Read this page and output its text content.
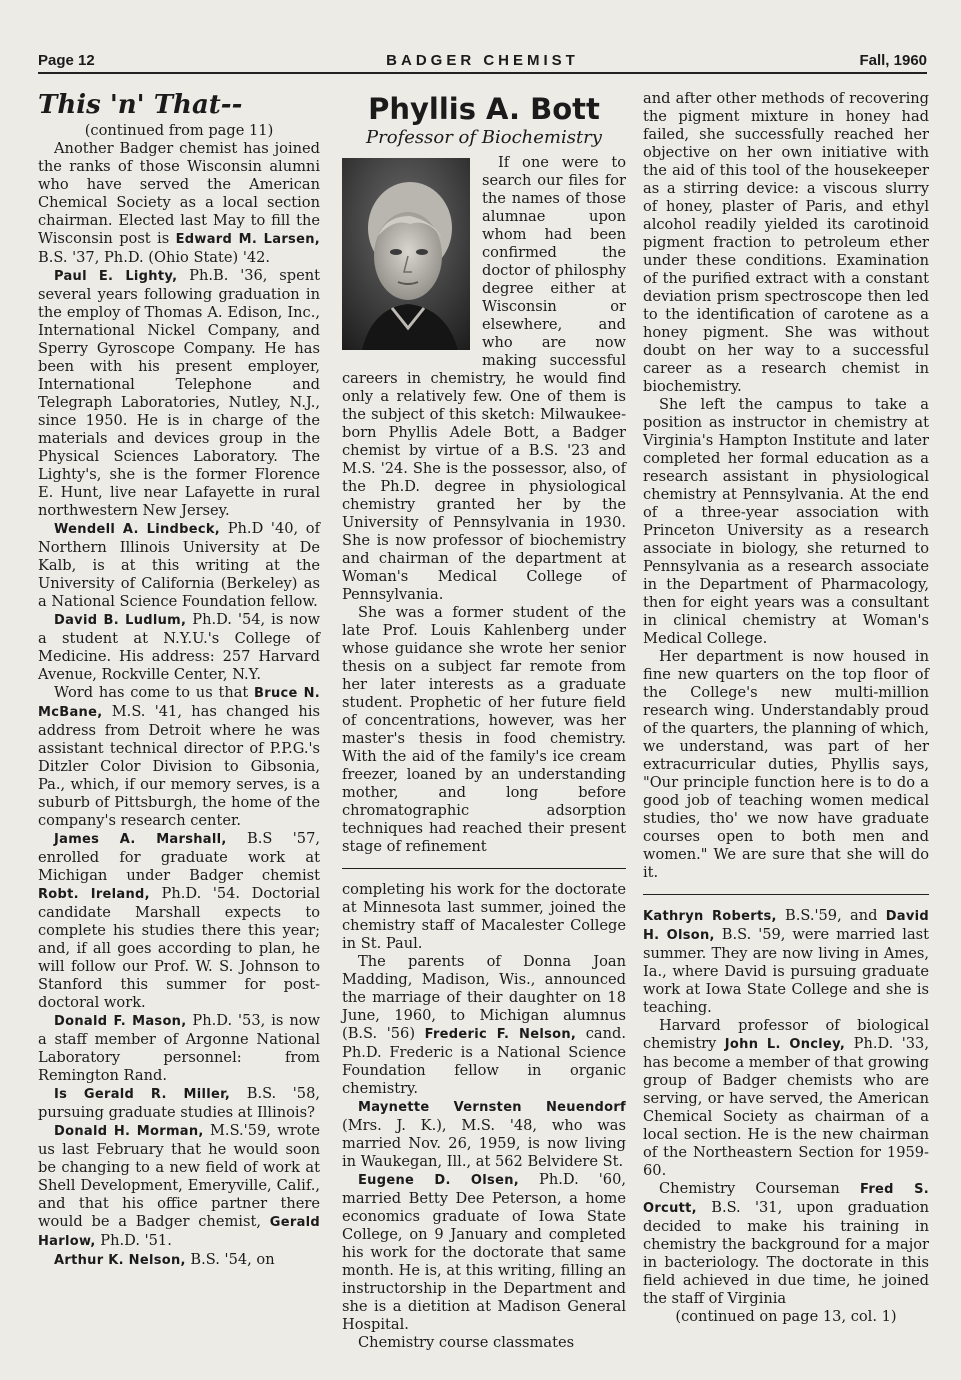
Page 12	BADGER CHEMIST	Fall, 1960
This 'n' That--

(continued from page 11)

Another Badger chemist has joined the ranks of those Wisconsin alumni who have served the American Chemical Society as a local section chairman. Elected last May to fill the Wisconsin post is Edward M. Larsen, B.S. '37, Ph.D. (Ohio State) '42.

Paul E. Lighty, Ph.B. '36, spent several years following graduation in the employ of Thomas A. Edison, Inc., International Nickel Company, and Sperry Gyroscope Company. He has been with his present employer, International Telephone and Telegraph Laboratories, Nutley, N.J., since 1950. He is in charge of the materials and devices group in the Physical Sciences Laboratory. The Lighty's, she is the former Florence E. Hunt, live near Lafayette in rural northwestern New Jersey.

Wendell A. Lindbeck, Ph.D '40, of Northern Illinois University at De Kalb, is at this writing at the University of California (Berkeley) as a National Science Foundation fellow.

David B. Ludlum, Ph.D. '54, is now a student at N.Y.U.'s College of Medicine. His address: 257 Harvard Avenue, Rockville Center, N.Y.

Word has come to us that Bruce N. McBane, M.S. '41, has changed his address from Detroit where he was assistant technical director of P.P.G.'s Ditzler Color Division to Gibsonia, Pa., which, if our memory serves, is a suburb of Pittsburgh, the home of the company's research center.

James A. Marshall, B.S '57, enrolled for graduate work at Michigan under Badger chemist Robt. Ireland, Ph.D. '54. Doctorial candidate Marshall expects to complete his studies there this year; and, if all goes according to plan, he will follow our Prof. W. S. Johnson to Stanford this summer for post- doctoral work.

Donald F. Mason, Ph.D. '53, is now a staff member of Argonne National Laboratory personnel: from Remington Rand.

Is Gerald R. Miller, B.S. '58, pursuing graduate studies at Illinois?

Donald H. Morman, M.S.'59, wrote us last February that he would soon be changing to a new field of work at Shell Development, Emeryville, Calif., and that his office partner there would be a Badger chemist, Gerald Harlow, Ph.D. '51.

Arthur K. Nelson, B.S. '54, on

Phyllis A. Bott
Professor of Biochemistry

If one were to search our files for the names of those alumnae upon whom had been confirmed the doctor of philosphy degree either at Wisconsin or elsewhere, and who are now making successful careers in chemistry, he would find only a relatively few. One of them is the subject of this sketch: Milwaukee-born Phyllis Adele Bott, a Badger chemist by virtue of a B.S. '23 and M.S. '24. She is the possessor, also, of the Ph.D. degree in physiological chemistry granted her by the University of Pennsylvania in 1930. She is now professor of biochemistry and chairman of the department at Woman's Medical College of Pennsylvania.

She was a former student of the late Prof. Louis Kahlenberg under whose guidance she wrote her senior thesis on a subject far remote from her later interests as a graduate student. Prophetic of her future field of concentrations, however, was her master's thesis in food chemistry. With the aid of the family's ice cream freezer, loaned by an understanding mother, and long before chromatographic adsorption techniques had reached their present stage of refinement

completing his work for the doctorate at Minnesota last summer, joined the chemistry staff of Macalester College in St. Paul.

The parents of Donna Joan Madding, Madison, Wis., announced the marriage of their daughter on 18 June, 1960, to Michigan alumnus (B.S. '56) Frederic F. Nelson, cand. Ph.D. Frederic is a National Science Foundation fellow in organic chemistry.

Maynette Vernsten Neuendorf (Mrs. J. K.), M.S. '48, who was married Nov. 26, 1959, is now living in Waukegan, Ill., at 562 Belvidere St.

Eugene D. Olsen, Ph.D. '60, married Betty Dee Peterson, a home economics graduate of Iowa State College, on 9 January and completed his work for the doctorate that same month. He is, at this writing, filling an instructorship in the Department and she is a dietition at Madison General Hospital.

Chemistry course classmates

and after other methods of recovering the pigment mixture in honey had failed, she successfully reached her objective on her own initiative with the aid of this tool of the housekeeper as a stirring device: a viscous slurry of honey, plaster of Paris, and ethyl alcohol readily yielded its carotinoid pigment fraction to petroleum ether under these conditions. Examination of the purified extract with a constant deviation prism spectroscope then led to the identification of carotene as a honey pigment. She was without doubt on her way to a successful career as a research chemist in biochemistry.

She left the campus to take a position as instructor in chemistry at Virginia's Hampton Institute and later completed her formal education as a research assistant in physiological chemistry at Pennsylvania. At the end of a three-year association with Princeton University as a research associate in biology, she returned to Pennsylvania as a research associate in the Department of Pharmacology, then for eight years was a consultant in clinical chemistry at Woman's Medical College.

Her department is now housed in fine new quarters on the top floor of the College's new multi-million research wing. Understandably proud of the quarters, the planning of which, we understand, was part of her extracurricular duties, Phyllis says, "Our principle function here is to do a good job of teaching women medical studies, tho' we now have graduate courses open to both men and women." We are sure that she will do it.

Kathryn Roberts, B.S.'59, and David H. Olson, B.S. '59, were married last summer. They are now living in Ames, Ia., where David is pursuing graduate work at Iowa State College and she is teaching.

Harvard professor of biological chemistry John L. Oncley, Ph.D. '33, has become a member of that growing group of Badger chemists who are serving, or have served, the American Chemical Society as chairman of a local section. He is the new chairman of the Northeastern Section for 1959-60.

Chemistry Courseman Fred S. Orcutt, B.S. '31, upon graduation decided to make his training in chemistry the background for a major in bacteriology. The doctorate in this field achieved in due time, he joined the staff of Virginia

(continued on page 13, col. 1)
